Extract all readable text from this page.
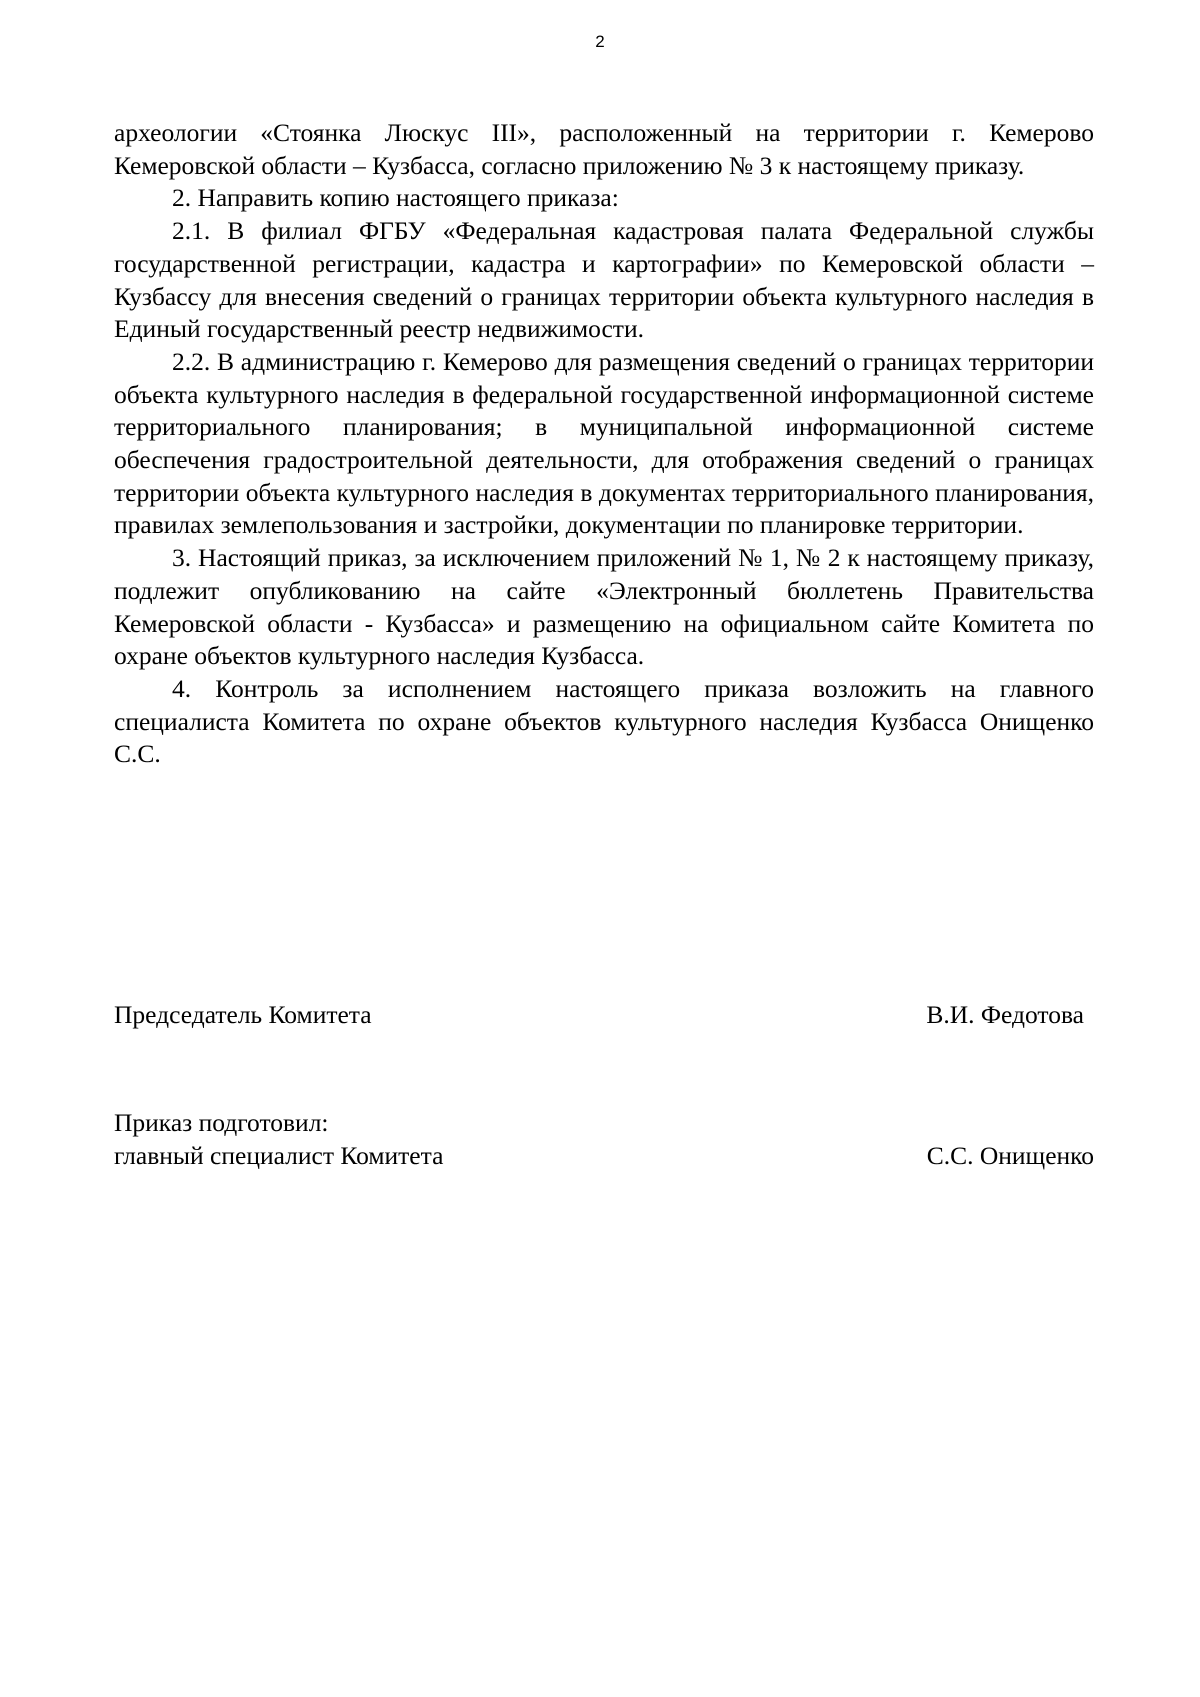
2

археологии «Стоянка Люскус III», расположенный на территории г. Кемерово Кемеровской области – Кузбасса, согласно приложению № 3 к настоящему приказу.

2. Направить копию настоящего приказа:

2.1. В филиал ФГБУ «Федеральная кадастровая палата Федеральной службы государственной регистрации, кадастра и картографии» по Кемеровской области – Кузбассу для внесения сведений о границах территории объекта культурного наследия в Единый государственный реестр недвижимости.

2.2. В администрацию г. Кемерово для размещения сведений о границах территории объекта культурного наследия в федеральной государственной информационной системе территориального планирования; в муниципальной информационной системе обеспечения градостроительной деятельности, для отображения сведений о границах территории объекта культурного наследия в документах территориального планирования, правилах землепользования и застройки, документации по планировке территории.

3. Настоящий приказ, за исключением приложений № 1, № 2 к настоящему приказу, подлежит опубликованию на сайте «Электронный бюллетень Правительства Кемеровской области - Кузбасса» и размещению на официальном сайте Комитета по охране объектов культурного наследия Кузбасса.

4. Контроль за исполнением настоящего приказа возложить на главного специалиста Комитета по охране объектов культурного наследия Кузбасса Онищенко С.С.

Председатель Комитета	В.И. Федотова
Приказ подготовил:
главный специалист Комитета	С.С. Онищенко
